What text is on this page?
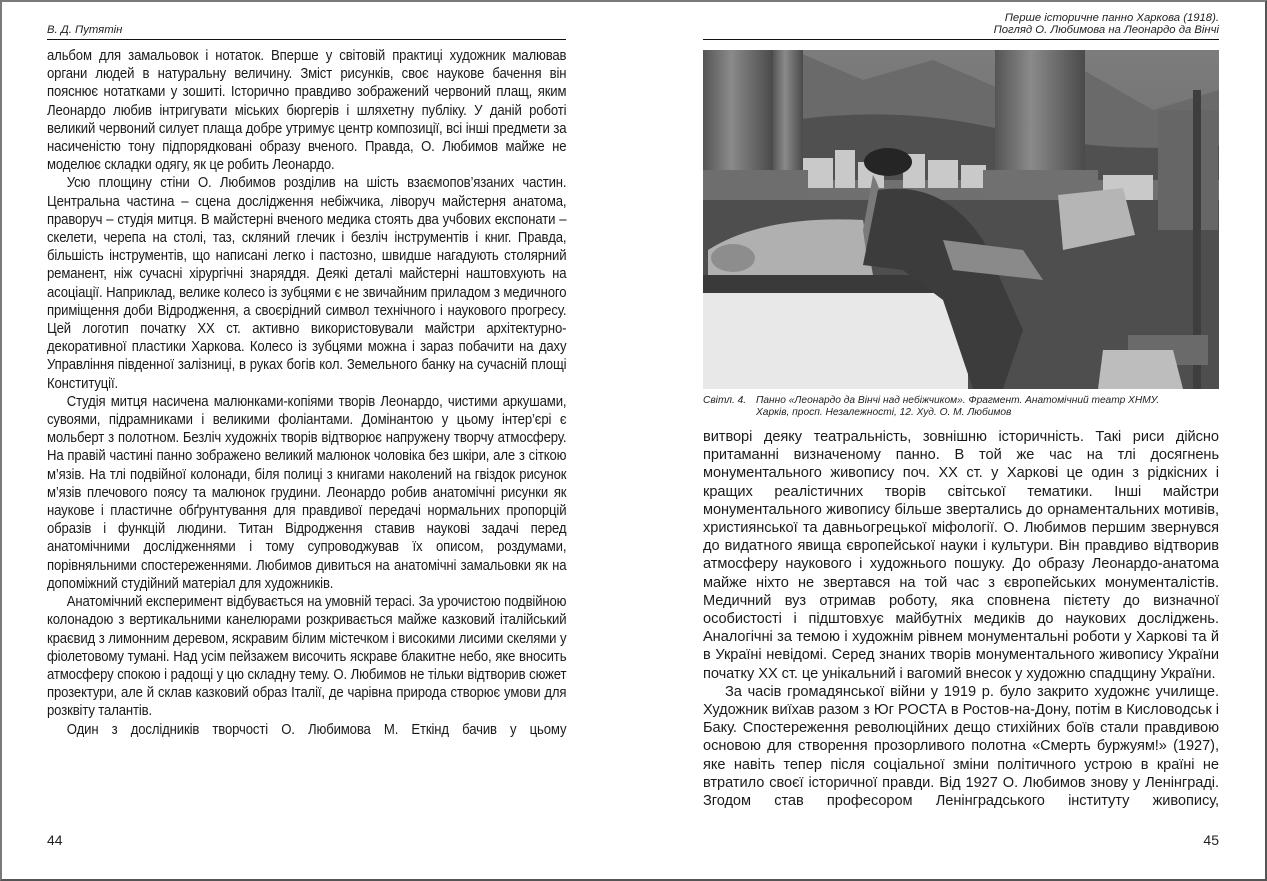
В. Д. Путятін

альбом для замальовок і нотаток. Вперше у світовій практиці художник малював органи людей в натуральну величину. Зміст рисунків, своє наукове бачення він пояснює нотатками у зошиті. Історично правдиво зображений червоний плащ, яким Леонардо любив інтригувати міських бюргерів і шляхетну публіку. У даній роботі великий червоний силует плаща добре утримує центр композиції, всі інші предмети за насиченістю тону підпорядковані образу вченого. Правда, О. Любимов майже не моделює складки одягу, як це робить Леонардо.

Усю площину стіни О. Любимов розділив на шість взаємопов’язаних частин. Центральна частина – сцена дослідження небіжчика, ліворуч майстерня анатома, праворуч – студія митця. В майстерні вченого медика стоять два учбових експонати – скелети, черепа на столі, таз, скляний глечик і безліч інструментів і книг. Правда, більшість інструментів, що написані легко і пастозно, швидше нагадують столярний реманент, ніж сучасні хірургічні знаряддя. Деякі деталі майстерні наштовхують на асоціації. Наприклад, велике колесо із зубцями є не звичайним приладом з медичного приміщення доби Відродження, а своєрідний символ технічного і наукового прогресу. Цей логотип початку XX ст. активно використовували майстри архітектурно-декоративної пластики Харкова. Колесо із зубцями можна і зараз побачити на даху Управління південної залізниці, в руках богів кол. Земельного банку на сучасній площі Конституції.

Студія митця насичена малюнками-копіями творів Леонардо, чистими аркушами, сувоями, підрамниками і великими фоліантами. Домінантою у цьому інтер’єрі є мольберт з полотном. Безліч художніх творів відтворює напружену творчу атмосферу. На правій частині панно зображено великий малюнок чоловіка без шкіри, але з сіткою м’язів. На тлі подвійної колонади, біля полиці з книгами наколений на гвіздок рисунок м’язів плечового поясу та малюнок грудини. Леонардо робив анатомічні рисунки як наукове і пластичне обґрунтування для правдивої передачі нормальних пропорцій образів і функцій людини. Титан Відродження ставив наукові задачі перед анатомічними дослідженнями і тому супроводжував їх описом, роздумами, порівняльними спостереженнями. Любимов дивиться на анатомічні замальовки як на допоміжний студійний матеріал для художників.

Анатомічний експеримент відбувається на умовній терасі. За урочистою подвійною колонадою з вертикальними канелюрами розкривається майже казковий італійський краєвид з лимонним деревом, яскравим білим містечком і високими лисими скелями у фіолетовому тумані. Над усім пейзажем височить яскраве блакитне небо, яке вносить атмосферу спокою і радощі у цю складну тему. О. Любимов не тільки відтворив сюжет прозектури, але й склав казковий образ Італії, де чарівна природа створює умови для розквіту талантів.

Один з дослідників творчості О. Любимова М. Еткінд бачив у цьому

44
Перше історичне панно Харкова (1918).
Погляд О. Любимова на Леонардо да Вінчі
Світл. 4. Панно «Леонардо да Вінчі над небіжчиком». Фрагмент. Анатомічний театр ХНМУ.
Харків, просп. Незалежності, 12. Худ. О. М. Любимов

витворі деяку театральність, зовнішню історичність. Такі риси дійсно притаманні визначеному панно. В той же час на тлі досягнень монументального живопису поч. XX ст. у Харкові це один з рідкісних і кращих реалістичних творів світської тематики. Інші майстри монументального живопису більше звертались до орнаментальних мотивів, християнської та давньогрецької міфології. О. Любимов першим звернувся до видатного явища європейської науки і культури. Він правдиво відтворив атмосферу наукового і художнього пошуку. До образу Леонардо-анатома майже ніхто не звертався на той час з європейських монументалістів. Медичний вуз отримав роботу, яка сповнена пієтету до визначної особистості і підштовхує майбутніх медиків до наукових досліджень. Аналогічні за темою і художнім рівнем монументальні роботи у Харкові та й в Україні невідомі. Серед знаних творів монументального живопису України початку XX ст. це унікальний і вагомий внесок у художню спадщину України.

За часів громадянської війни у 1919 р. було закрито художнє училище. Художник виїхав разом з Юг РОСТА в Ростов-на-Дону, потім в Кисловодськ і Баку. Спостереження революційних дещо стихійних боїв стали правдивою основою для створення прозорливого полотна «Смерть буржуям!» (1927), яке навіть тепер після соціальної зміни політичного устрою в країні не втратило своєї історичної правди. Від 1927 О. Любимов знову у Ленінграді. Згодом став професором Ленінградського інституту живопису,

45
